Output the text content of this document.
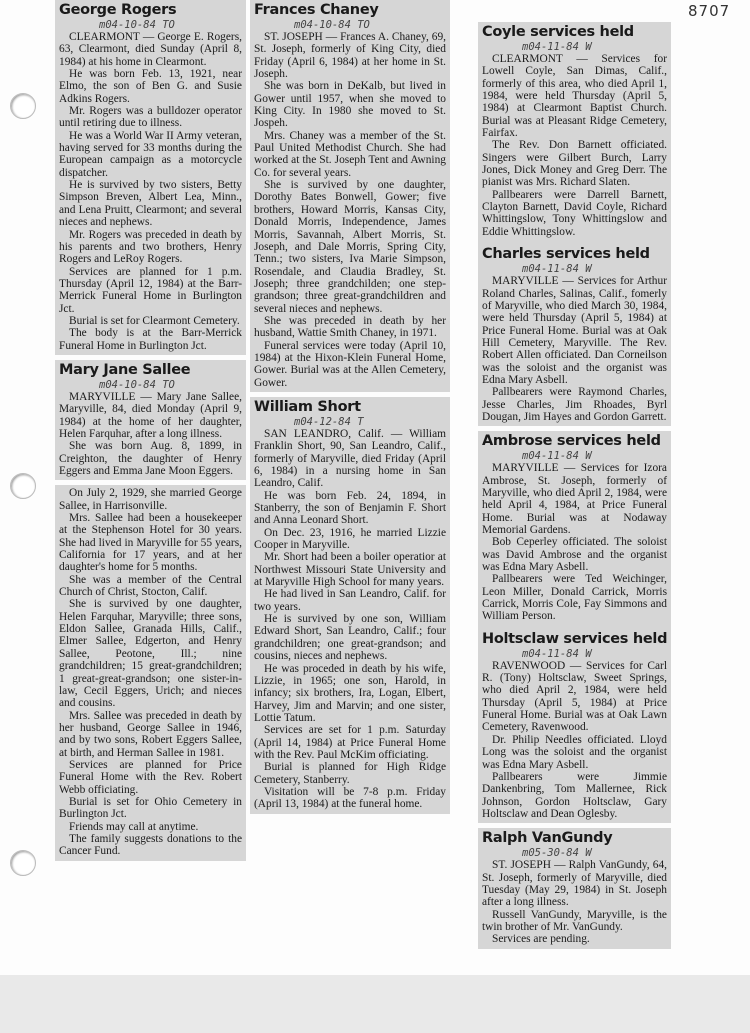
8707
George Rogers
m04-10-84 TO

CLEARMONT — George E. Rogers, 63, Clearmont, died Sunday (April 8, 1984) at his home in Clearmont.

He was born Feb. 13, 1921, near Elmo, the son of Ben G. and Susie Adkins Rogers.

Mr. Rogers was a bulldozer operator until retiring due to illness.

He was a World War II Army veteran, having served for 33 months during the European campaign as a motorcycle dispatcher.

He is survived by two sisters, Betty Simpson Breven, Albert Lea, Minn., and Lena Pruitt, Clearmont; and several nieces and nephews.

Mr. Rogers was preceded in death by his parents and two brothers, Henry Rogers and LeRoy Rogers.

Services are planned for 1 p.m. Thursday (April 12, 1984) at the Barr-Merrick Funeral Home in Burlington Jct.

Burial is set for Clearmont Cemetery.

The body is at the Barr-Merrick Funeral Home in Burlington Jct.

Mary Jane Sallee
m04-10-84 TO

MARYVILLE — Mary Jane Sallee, Maryville, 84, died Monday (April 9, 1984) at the home of her daughter, Helen Farquhar, after a long illness.

She was born Aug. 8, 1899, in Creighton, the daughter of Henry Eggers and Emma Jane Moon Eggers.

On July 2, 1929, she married George Sallee, in Harrisonville.

Mrs. Sallee had been a housekeeper at the Stephenson Hotel for 30 years. She had lived in Maryville for 55 years, California for 17 years, and at her daughter's home for 5 months.

She was a member of the Central Church of Christ, Stocton, Calif.

She is survived by one daughter, Helen Farquhar, Maryville; three sons, Eldon Sallee, Granada Hills, Calif., Elmer Sallee, Edgerton, and Henry Sallee, Peotone, Ill.; nine grandchildren; 15 great-grandchildren; 1 great-great-grandson; one sister-in-law, Cecil Eggers, Urich; and nieces and cousins.

Mrs. Sallee was preceded in death by her husband, George Sallee in 1946, and by two sons, Robert Eggers Sallee, at birth, and Herman Sallee in 1981.

Services are planned for Price Funeral Home with the Rev. Robert Webb officiating.

Burial is set for Ohio Cemetery in Burlington Jct.

Friends may call at anytime.

The family suggests donations to the Cancer Fund.

Frances Chaney
m04-10-84 TO

ST. JOSEPH — Frances A. Chaney, 69, St. Joseph, formerly of King City, died Friday (April 6, 1984) at her home in St. Joseph.

She was born in DeKalb, but lived in Gower until 1957, when she moved to King City. In 1980 she moved to St. Jospeh.

Mrs. Chaney was a member of the St. Paul United Methodist Church. She had worked at the St. Joseph Tent and Awning Co. for several years.

She is survived by one daughter, Dorothy Bates Bonwell, Gower; five brothers, Howard Morris, Kansas City, Donald Morris, Independence, James Morris, Savannah, Albert Morris, St. Joseph, and Dale Morris, Spring City, Tenn.; two sisters, Iva Marie Simpson, Rosendale, and Claudia Bradley, St. Joseph; three grandchilden; one step-grandson; three great-grandchildren and several nieces and nephews.

She was preceded in death by her husband, Wattie Smith Chaney, in 1971.

Funeral services were today (April 10, 1984) at the Hixon-Klein Funeral Home, Gower. Burial was at the Allen Cemetery, Gower.

William Short
m04-12-84 T

SAN LEANDRO, Calif. — William Franklin Short, 90, San Leandro, Calif., formerly of Maryville, died Friday (April 6, 1984) in a nursing home in San Leandro, Calif.

He was born Feb. 24, 1894, in Stanberry, the son of Benjamin F. Short and Anna Leonard Short.

On Dec. 23, 1916, he married Lizzie Cooper in Maryville.

Mr. Short had been a boiler operatior at Northwest Missouri State University and at Maryville High School for many years.

He had lived in San Leandro, Calif. for two years.

He is survived by one son, William Edward Short, San Leandro, Calif.; four grandchildren; one great-grandson; and cousins, nieces and nephews.

He was proceded in death by his wife, Lizzie, in 1965; one son, Harold, in infancy; six brothers, Ira, Logan, Elbert, Harvey, Jim and Marvin; and one sister, Lottie Tatum.

Services are set for 1 p.m. Saturday (April 14, 1984) at Price Funeral Home with the Rev. Paul McKim officiating.

Burial is planned for High Ridge Cemetery, Stanberry.

Visitation will be 7-8 p.m. Friday (April 13, 1984) at the funeral home.

Coyle services held
m04-11-84 W

CLEARMONT — Services for Lowell Coyle, San Dimas, Calif., formerly of this area, who died April 1, 1984, were held Thursday (April 5, 1984) at Clearmont Baptist Church. Burial was at Pleasant Ridge Cemetery, Fairfax.

The Rev. Don Barnett officiated. Singers were Gilbert Burch, Larry Jones, Dick Money and Greg Derr. The pianist was Mrs. Richard Slaten.

Pallbearers were Darrell Barnett, Clayton Barnett, David Coyle, Richard Whittingslow, Tony Whittingslow and Eddie Whittingslow.

Charles services held
m04-11-84 W

MARYVILLE — Services for Arthur Roland Charles, Salinas, Calif., fomerly of Maryville, who died March 30, 1984, were held Thursday (April 5, 1984) at Price Funeral Home. Burial was at Oak Hill Cemetery, Maryville. The Rev. Robert Allen officiated. Dan Corneilson was the soloist and the organist was Edna Mary Asbell.

Pallbearers were Raymond Charles, Jesse Charles, Jim Rhoades, Byrl Dougan, Jim Hayes and Gordon Garrett.

Ambrose services held
m04-11-84 W

MARYVILLE — Services for Izora Ambrose, St. Joseph, formerly of Maryville, who died April 2, 1984, were held April 4, 1984, at Price Funeral Home. Burial was at Nodaway Memorial Gardens.

Bob Ceperley officiated. The soloist was David Ambrose and the organist was Edna Mary Asbell.

Pallbearers were Ted Weichinger, Leon Miller, Donald Carrick, Morris Carrick, Morris Cole, Fay Simmons and William Person.

Holtsclaw services held
m04-11-84 W

RAVENWOOD — Services for Carl R. (Tony) Holtsclaw, Sweet Springs, who died April 2, 1984, were held Thursday (April 5, 1984) at Price Funeral Home. Burial was at Oak Lawn Cemetery, Ravenwood.

Dr. Philip Needles officiated. Lloyd Long was the soloist and the organist was Edna Mary Asbell.

Pallbearers were Jimmie Dankenbring, Tom Mallernee, Rick Johnson, Gordon Holtsclaw, Gary Holtsclaw and Dean Oglesby.

Ralph VanGundy
m05-30-84 W

ST. JOSEPH — Ralph VanGundy, 64, St. Joseph, formerly of Maryville, died Tuesday (May 29, 1984) in St. Joseph after a long illness.

Russell VanGundy, Maryville, is the twin brother of Mr. VanGundy.

Services are pending.
